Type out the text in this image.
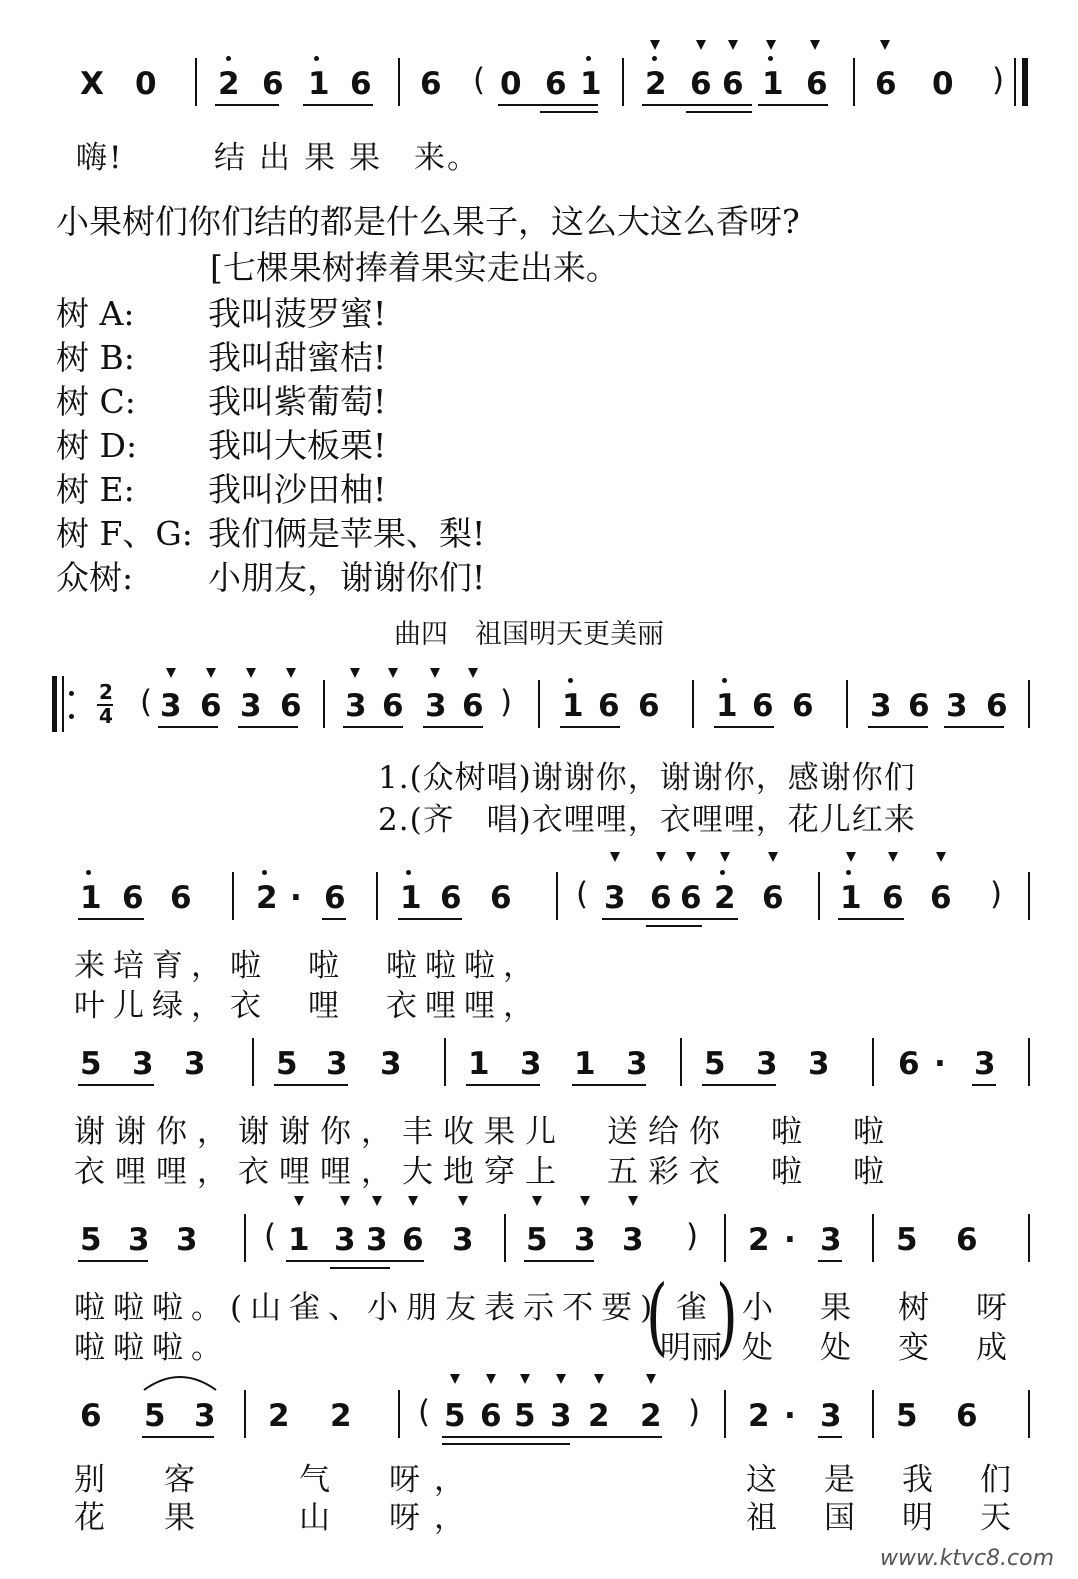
X 0 2 6 1 6 6 ( 0 6 1 2 6 6 1 6 6 0 )
嗨!	结出果果 来。
小果树们你们结的都是什么果子，这么大这么香呀?
[七棵果树捧着果实走出来。
树 A: 我叫菠罗蜜!
树 B: 我叫甜蜜桔!
树 C: 我叫紫葡萄!
树 D: 我叫大板栗!
树 E: 我叫沙田柚!
树 F、G: 我们俩是苹果、梨!
众树: 小朋友，谢谢你们!
曲四　祖国明天更美丽
2
4 ( 3 6 3 6 3 6 3 6 ) 1 6 6 1 6 6 3 6 3 6
1.(众树唱)谢谢你，谢谢你，感谢你们
2.(齐　唱)衣哩哩，衣哩哩，花儿红来
1 6 6 2 · 6 1 6 6 ( 3 6 6 2 6 1 6 6 )
来培育，啦　啦　啦啦啦，
叶儿绿，衣　哩　衣哩哩，
5 3 3 5 3 3 1 3 1 3 5 3 3 6 · 3
谢谢你，谢谢你，丰收果儿　送给你　啦　啦
衣哩哩，衣哩哩，大地穿上　五彩衣　啦　啦
5 3 3 ( 1 3 3 6 3 5 3 3 ) 2 · 3 5 6
啦啦啦。(山雀、小朋友表示不要)
啦啦啦。	( 雀
明丽
) 小　果　树　呀
处　处　变　成
6 5 3 2 2 ( 5 6 5 3 2 2 ) 2 · 3 5 6
别　客　　气　呀，
花　果　　山　呀，
这　是　我　们
祖　国　明　天
www.ktvc8.com
